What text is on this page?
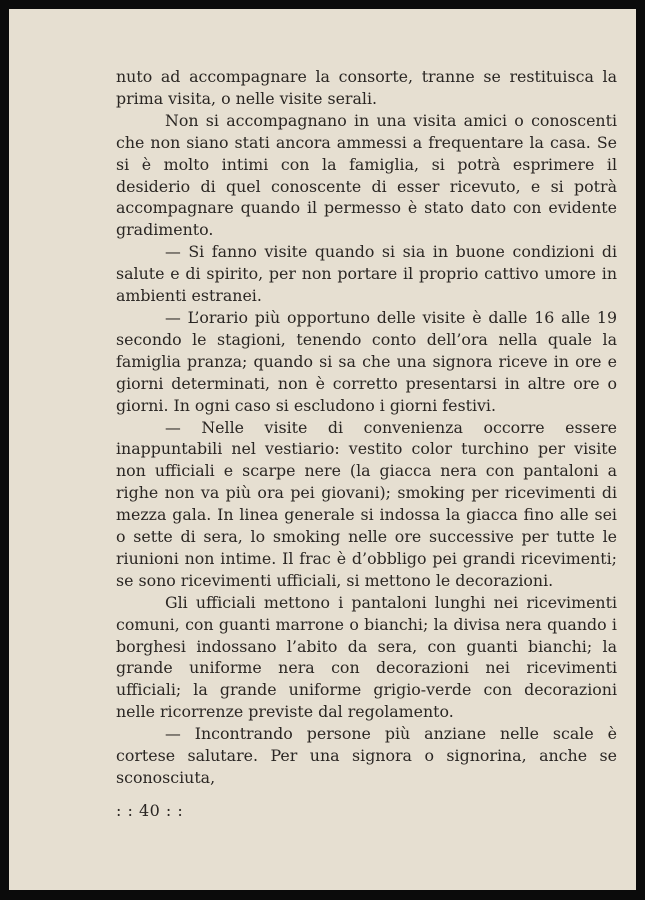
nuto ad accompagnare la consorte, tranne se restituisca la prima visita, o nelle visite serali.

Non si accompagnano in una visita amici o conoscenti che non siano stati ancora ammessi a frequentare la casa. Se si è molto intimi con la famiglia, si potrà esprimere il desiderio di quel conoscente di esser ricevuto, e si potrà accompagnare quando il permesso è stato dato con evidente gradimento.

— Si fanno visite quando si sia in buone condizioni di salute e di spirito, per non portare il proprio cattivo umore in ambienti estranei.

— L’orario più opportuno delle visite è dalle 16 alle 19 secondo le stagioni, tenendo conto dell’ora nella quale la famiglia pranza; quando si sa che una signora riceve in ore e giorni determinati, non è corretto presentarsi in altre ore o giorni. In ogni caso si escludono i giorni festivi.

— Nelle visite di convenienza occorre essere inappuntabili nel vestiario: vestito color turchino per visite non ufficiali e scarpe nere (la giacca nera con pantaloni a righe non va più ora pei giovani); smoking per ricevimenti di mezza gala. In linea generale si indossa la giacca fino alle sei o sette di sera, lo smoking nelle ore successive per tutte le riunioni non intime. Il frac è d’obbligo pei grandi ricevimenti; se sono ricevimenti ufficiali, si mettono le decorazioni.

Gli ufficiali mettono i pantaloni lunghi nei ricevimenti comuni, con guanti marrone o bianchi; la divisa nera quando i borghesi indossano l’abito da sera, con guanti bianchi; la grande uniforme nera con decorazioni nei ricevimenti ufficiali; la grande uniforme grigio-verde con decorazioni nelle ricorrenze previste dal regolamento.

— Incontrando persone più anziane nelle scale è cortese salutare. Per una signora o signorina, anche se sconosciuta,

: : 40 : :
